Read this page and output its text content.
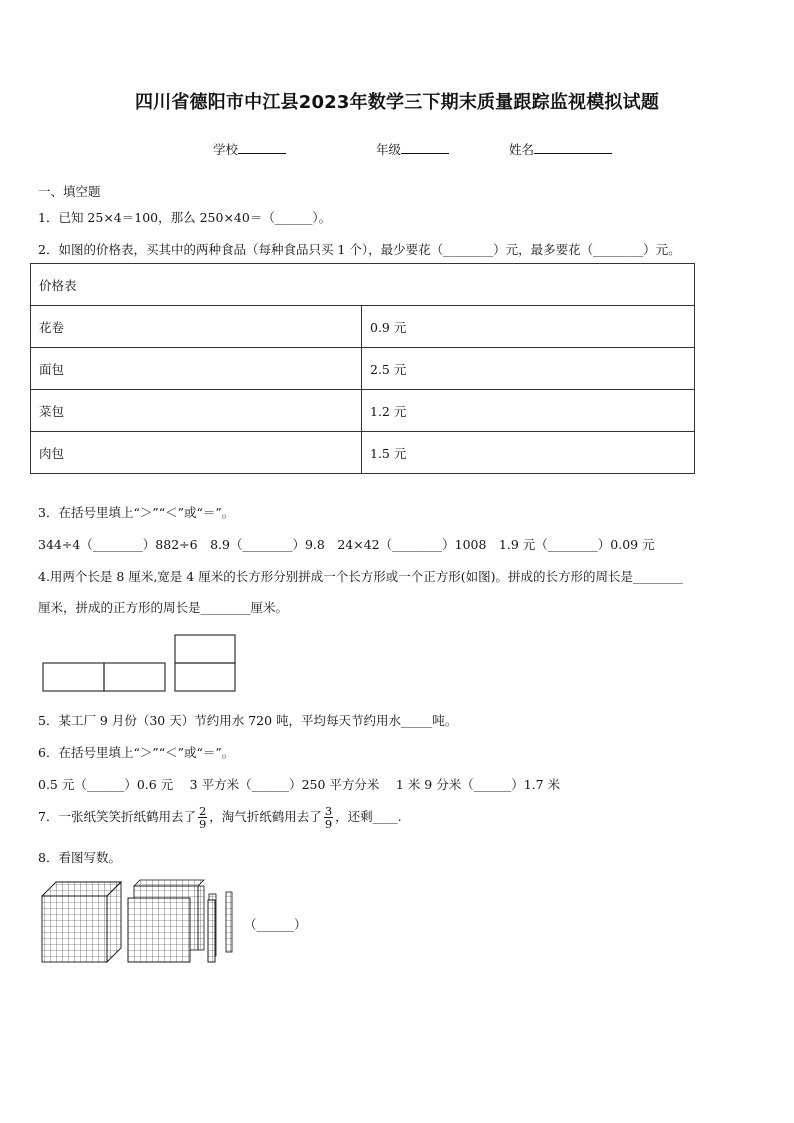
四川省德阳市中江县2023年数学三下期末质量跟踪监视模拟试题
学校	年级	姓名
一、填空题
1．已知 25×4＝100，那么 250×40＝（______）。
2．如图的价格表，买其中的两种食品（每种食品只买 1 个），最少要花（________）元，最多要花（________）元。
价格表	
花卷	0.9 元
面包	2.5 元
菜包	1.2 元
肉包	1.5 元
3．在括号里填上“＞”“＜”或“＝”。
344÷4（________）882÷6　8.9（________）9.8　24×42（________）1008　1.9 元（________）0.09 元
4.用两个长是 8 厘米,宽是 4 厘米的长方形分别拼成一个长方形或一个正方形(如图)。拼成的长方形的周长是________
厘米，拼成的正方形的周长是________厘米。
5．某工厂 9 月份（30 天）节约用水 720 吨，平均每天节约用水_____吨。
6．在括号里填上“＞”“＜”或“＝”。
0.5 元（______）0.6 元　 3 平方米（______）250 平方分米　 1 米 9 分米（______）1.7 米
7．一张纸笑笑折纸鹤用去了 $\frac{2}{9}$ ，淘气折纸鹤用去了 $\frac{3}{9}$ ，还剩____.
8．看图写数。
（______）
